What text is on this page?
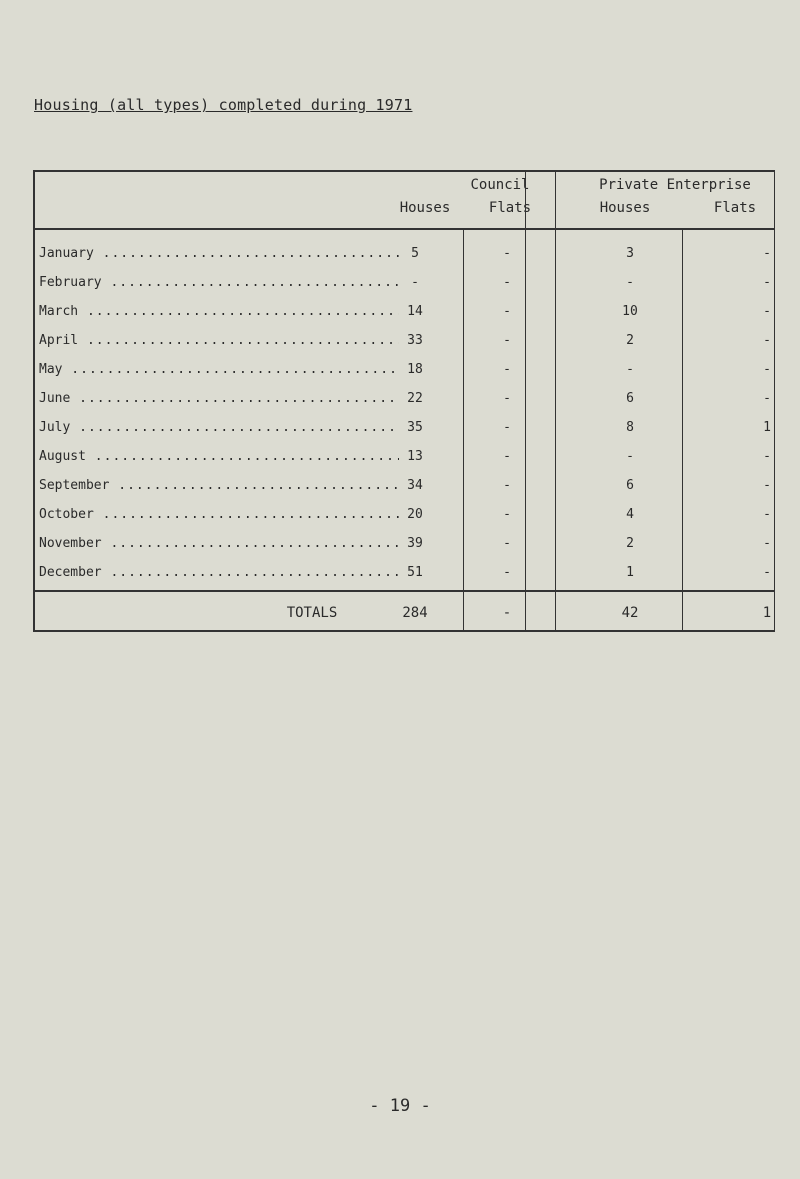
Housing (all types) completed during 1971
Council
Houses	Flats
Private Enterprise
Houses	Flats
January .....	5	-	3	-
February .....	-	-	-	-
March .....	14	-	10	-
April .....	33	-	2	-
May .....	18	-	-	-
June .....	22	-	6	-
July .....	35	-	8	1
August .....	13	-	-	-
September .....	34	-	6	-
October .....	20	-	4	-
November .....	39	-	2	-
December .....	51	-	1	-
TOTALS	284	-	42	1
- 19 -
